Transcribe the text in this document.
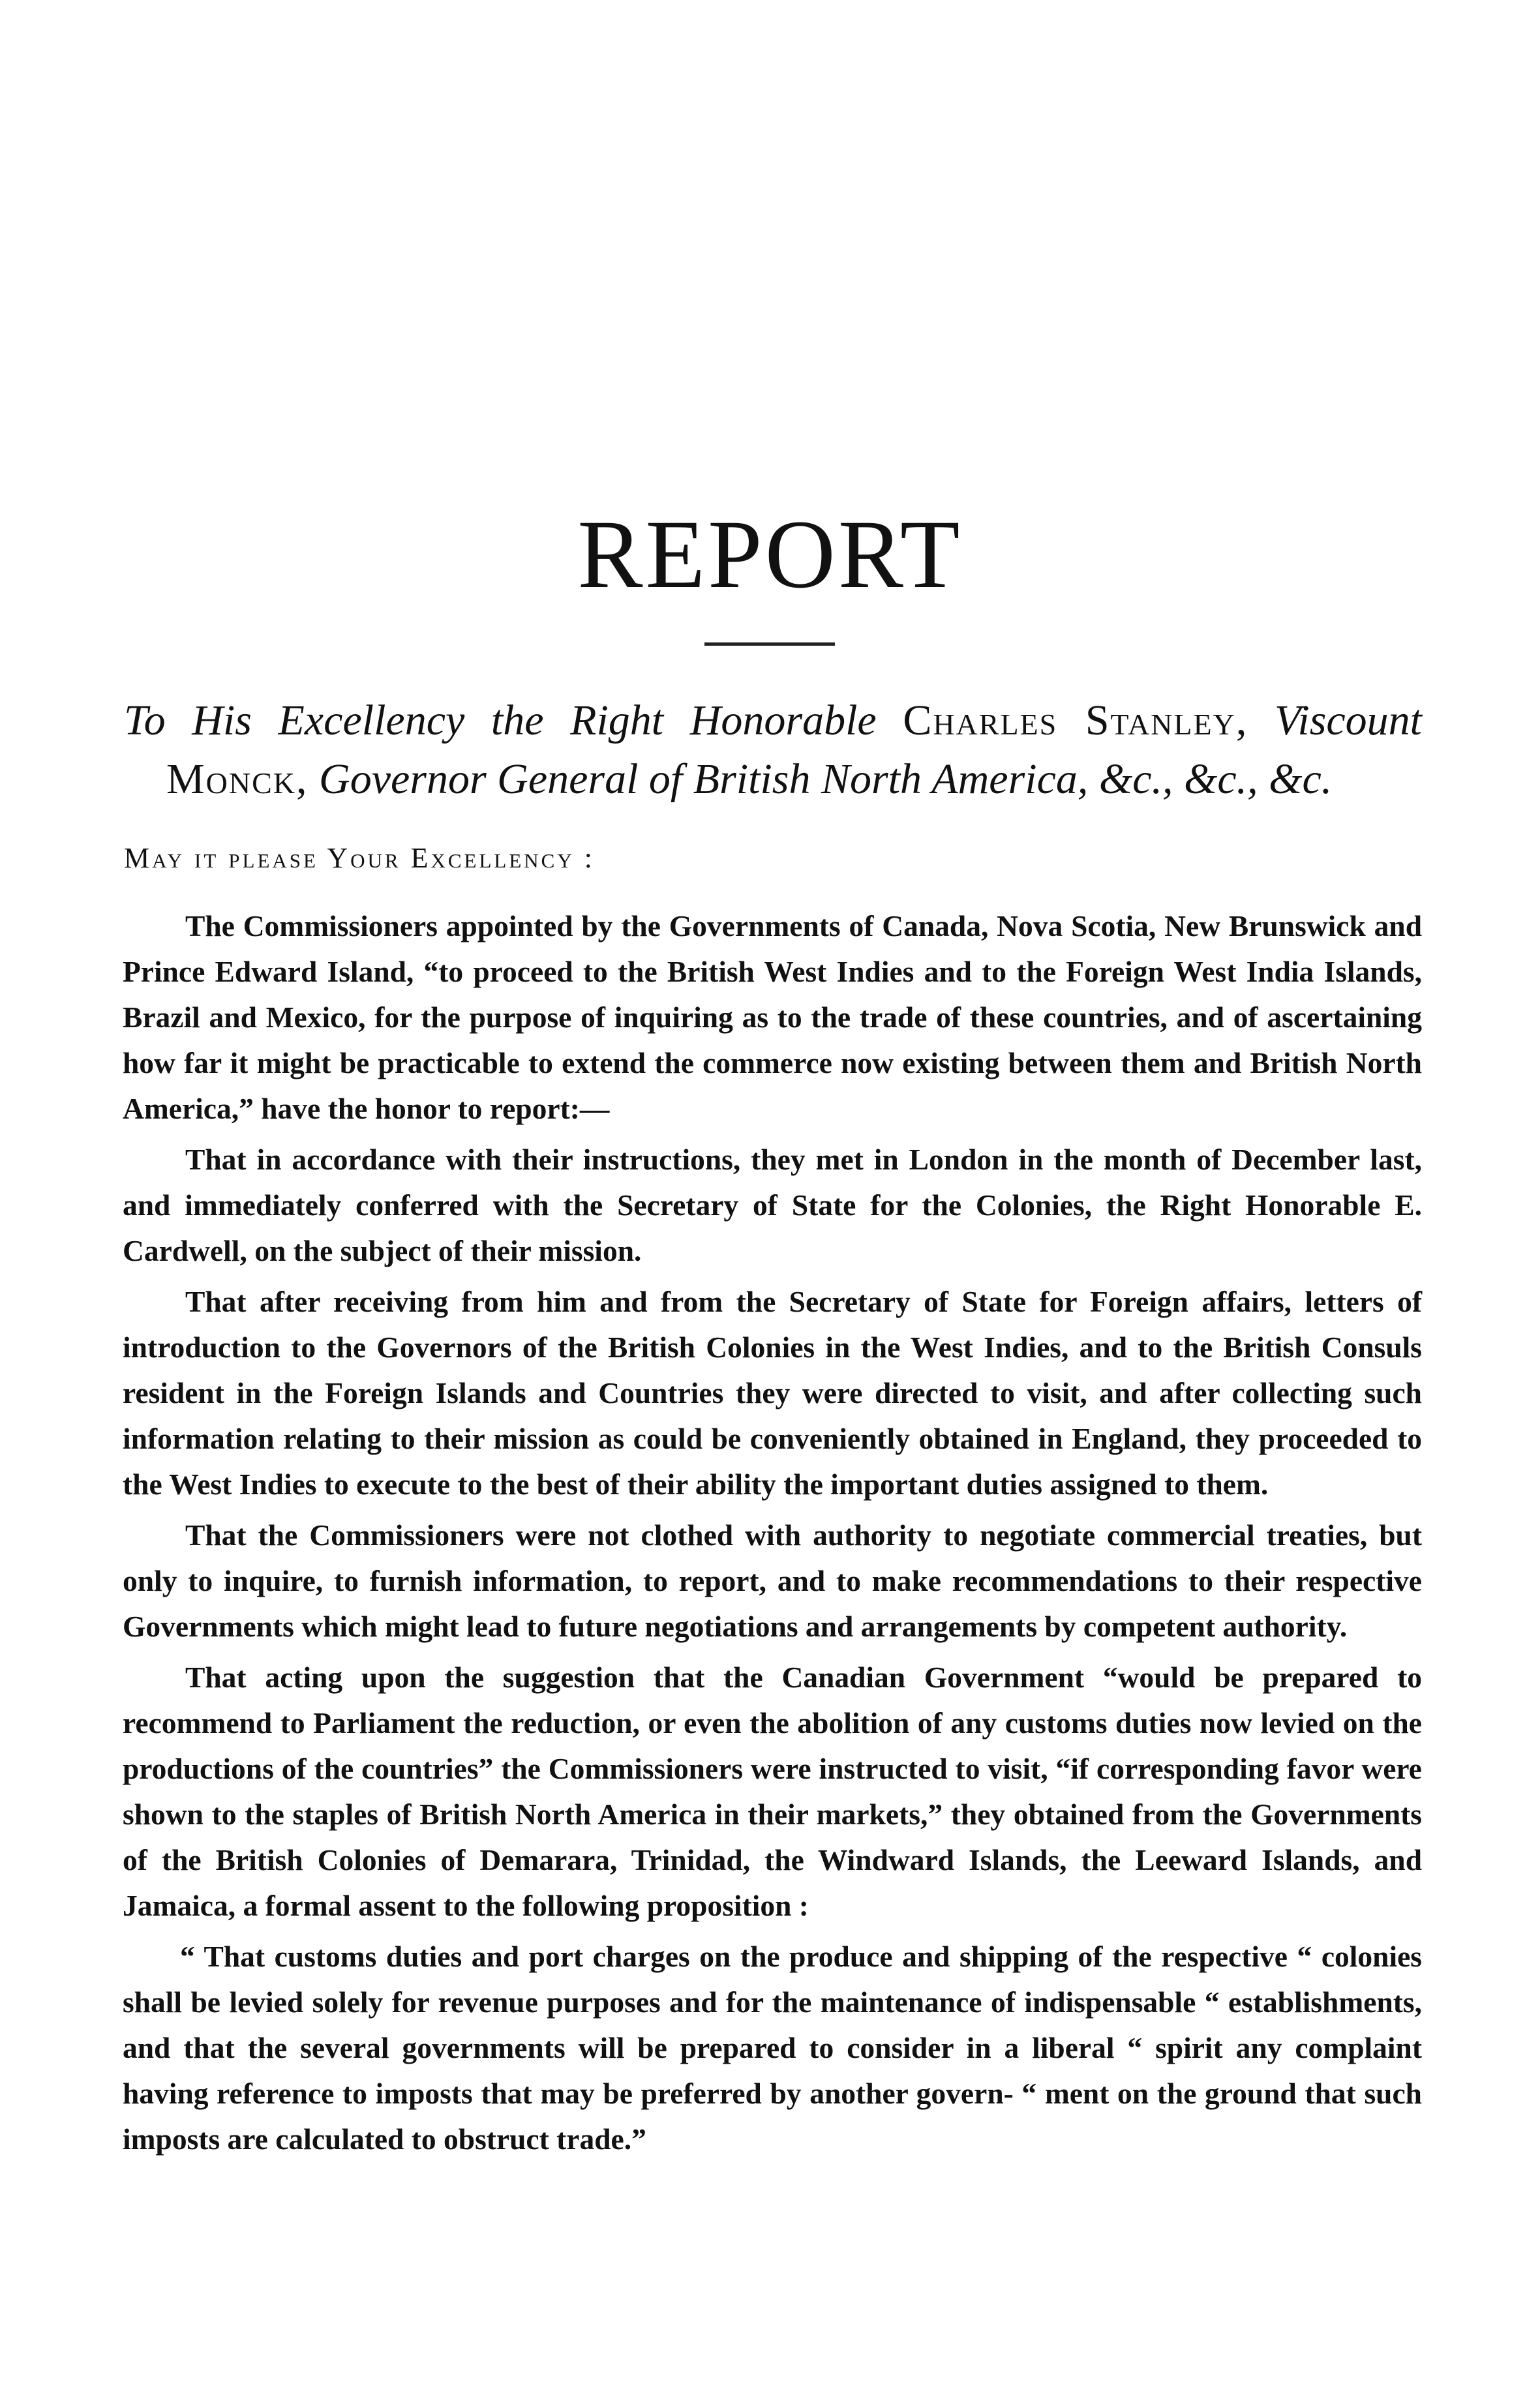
REPORT
To His Excellency the Right Honorable Charles Stanley, Viscount
Monck, Governor General of British North America, &c., &c., &c.

May it please Your Excellency :

The Commissioners appointed by the Governments of Canada, Nova Scotia, New Brunswick and Prince Edward Island, “to proceed to the British West Indies and to the Foreign West India Islands, Brazil and Mexico, for the purpose of inquiring as to the trade of these countries, and of ascertaining how far it might be practicable to extend the commerce now existing between them and British North America,” have the honor to report:—

That in accordance with their instructions, they met in London in the month of December last, and immediately conferred with the Secretary of State for the Colonies, the Right Honorable E. Cardwell, on the subject of their mission.

That after receiving from him and from the Secretary of State for Foreign affairs, letters of introduction to the Governors of the British Colonies in the West Indies, and to the British Consuls resident in the Foreign Islands and Countries they were directed to visit, and after collecting such information relating to their mission as could be conveniently obtained in England, they proceeded to the West Indies to execute to the best of their ability the important duties assigned to them.

That the Commissioners were not clothed with authority to negotiate commercial treaties, but only to inquire, to furnish information, to report, and to make recommendations to their respective Governments which might lead to future negotiations and arrangements by competent authority.

That acting upon the suggestion that the Canadian Government “would be prepared to recommend to Parliament the reduction, or even the abolition of any customs duties now levied on the productions of the countries” the Commissioners were instructed to visit, “if corresponding favor were shown to the staples of British North America in their markets,” they obtained from the Governments of the British Colonies of Demarara, Trinidad, the Windward Islands, the Leeward Islands, and Jamaica, a formal assent to the following proposition :

“ That customs duties and port charges on the produce and shipping of the respective “ colonies shall be levied solely for revenue purposes and for the maintenance of indispensable “ establishments, and that the several governments will be prepared to consider in a liberal “ spirit any complaint having reference to imposts that may be preferred by another govern- “ ment on the ground that such imposts are calculated to obstruct trade.”
